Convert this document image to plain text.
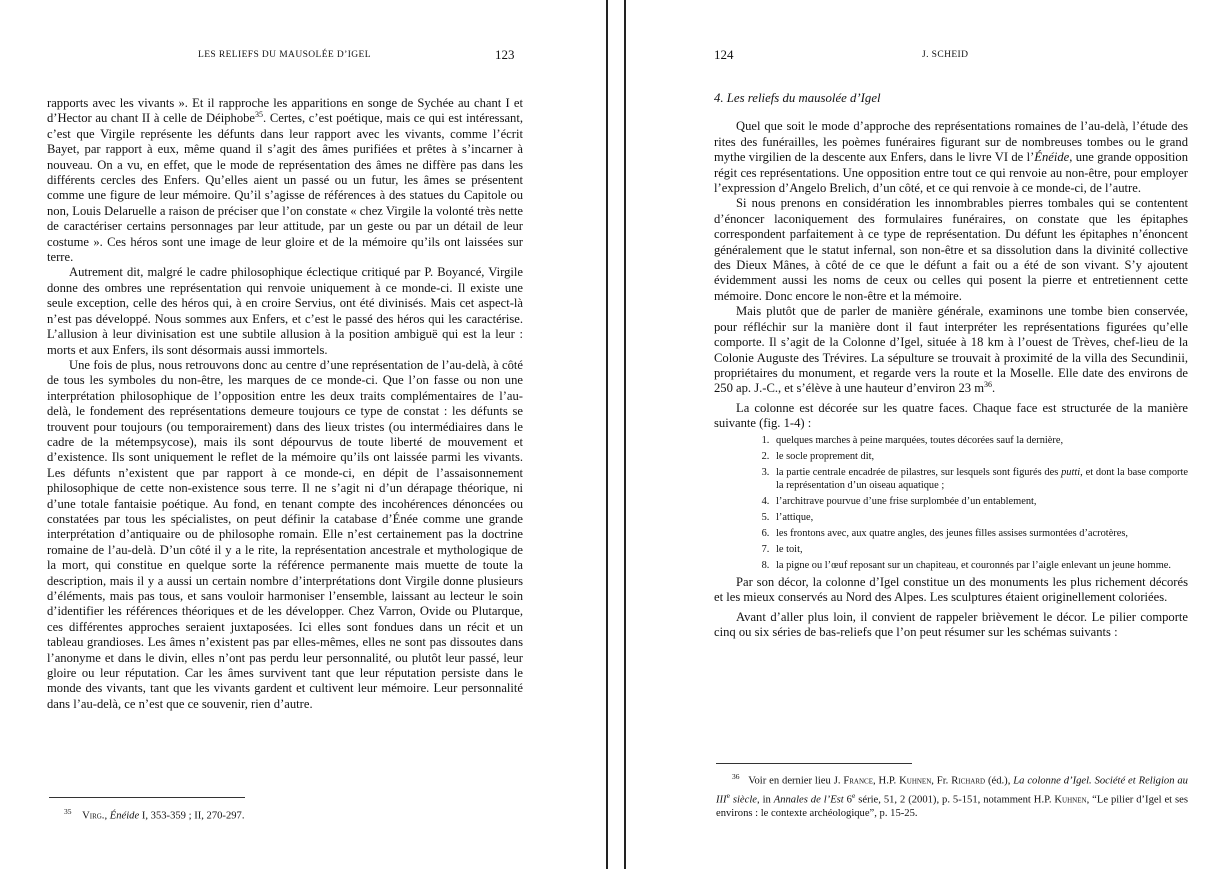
LES RELIEFS DU MAUSOLÉE D’IGEL	123

rapports avec les vivants ». Et il rapproche les apparitions en songe de Sychée au chant I et d’Hector au chant II à celle de Déiphobe$^{35}$. Certes, c’est poétique, mais ce qui est intéressant, c’est que Virgile représente les défunts dans leur rapport avec les vivants, comme l’écrit Bayet, par rapport à eux, même quand il s’agit des âmes purifiées et prêtes à s’incarner à nouveau. On a vu, en effet, que le mode de représentation des âmes ne diffère pas dans les différents cercles des Enfers. Qu’elles aient un passé ou un futur, les âmes se présentent comme une figure de leur mémoire. Qu’il s’agisse de références à des statues du Capitole ou non, Louis Delaruelle a raison de préciser que l’on constate « chez Virgile la volonté très nette de caractériser certains personnages par leur attitude, par un geste ou par un détail de leur costume ». Ces héros sont une image de leur gloire et de la mémoire qu’ils ont laissées sur terre.

Autrement dit, malgré le cadre philosophique éclectique critiqué par P. Boyancé, Virgile donne des ombres une représentation qui renvoie uniquement à ce monde-ci. Il existe une seule exception, celle des héros qui, à en croire Servius, ont été divinisés. Mais cet aspect-là n’est pas développé. Nous sommes aux Enfers, et c’est le passé des héros qui les caractérise. L’allusion à leur divinisation est une subtile allusion à la position ambiguë qui est la leur : morts et aux Enfers, ils sont désormais aussi immortels.

Une fois de plus, nous retrouvons donc au centre d’une représentation de l’au-delà, à côté de tous les symboles du non-être, les marques de ce monde-ci. Que l’on fasse ou non une interprétation philosophique de l’opposition entre les deux traits complémentaires de l’au-delà, le fondement des représentations demeure toujours ce type de constat : les défunts se trouvent pour toujours (ou temporairement) dans des lieux tristes (ou intermédiaires dans le cadre de la métempsycose), mais ils sont dépourvus de toute liberté de mouvement et d’existence. Ils sont uniquement le reflet de la mémoire qu’ils ont laissée parmi les vivants. Les défunts n’existent que par rapport à ce monde-ci, en dépit de l’assaisonnement philosophique de cette non-existence sous terre. Il ne s’agit ni d’un dérapage théorique, ni d’une totale fantaisie poétique. Au fond, en tenant compte des incohérences dénoncées ou constatées par tous les spécialistes, on peut définir la catabase d’Énée comme une grande interprétation d’antiquaire ou de philosophe romain. Elle n’est certainement pas la doctrine romaine de l’au-delà. D’un côté il y a le rite, la représentation ancestrale et mythologique de la mort, qui constitue en quelque sorte la référence permanente mais muette de toute la description, mais il y a aussi un certain nombre d’interprétations dont Virgile donne plusieurs d’éléments, mais pas tous, et sans vouloir harmoniser l’ensemble, laissant au lecteur le soin d’identifier les références théoriques et de les développer. Chez Varron, Ovide ou Plutarque, ces différentes approches seraient juxtaposées. Ici elles sont fondues dans un récit et un tableau grandioses. Les âmes n’existent pas par elles-mêmes, elles ne sont pas dissoutes dans l’anonyme et dans le divin, elles n’ont pas perdu leur personnalité, ou plutôt leur passé, leur gloire ou leur réputation. Car les âmes survivent tant que leur réputation persiste dans le monde des vivants, tant que les vivants gardent et cultivent leur mémoire. Leur personnalité dans l’au-delà, ce n’est que ce souvenir, rien d’autre.

$^{35}$ Virg., Énéide I, 353-359 ; II, 270-297.
124	J. SCHEID

4. Les reliefs du mausolée d’Igel

Quel que soit le mode d’approche des représentations romaines de l’au-delà, l’étude des rites des funérailles, les poèmes funéraires figurant sur de nombreuses tombes ou le grand mythe virgilien de la descente aux Enfers, dans le livre VI de l’Énéide, une grande opposition régit ces représentations. Une opposition entre tout ce qui renvoie au non-être, pour employer l’expression d’Angelo Brelich, d’un côté, et ce qui renvoie à ce monde-ci, de l’autre.

Si nous prenons en considération les innombrables pierres tombales qui se contentent d’énoncer laconiquement des formulaires funéraires, on constate que les épitaphes correspondent parfaitement à ce type de représentation. Du défunt les épitaphes n’énoncent généralement que le statut infernal, son non-être et sa dissolution dans la divinité collective des Dieux Mânes, à côté de ce que le défunt a fait ou a été de son vivant. S’y ajoutent évidemment aussi les noms de ceux ou celles qui posent la pierre et entretiennent cette mémoire. Donc encore le non-être et la mémoire.

Mais plutôt que de parler de manière générale, examinons une tombe bien conservée, pour réfléchir sur la manière dont il faut interpréter les représentations figurées qu’elle comporte. Il s’agit de la Colonne d’Igel, située à 18 km à l’ouest de Trèves, chef-lieu de la Colonie Auguste des Trévires. La sépulture se trouvait à proximité de la villa des Secundinii, propriétaires du monument, et regarde vers la route et la Moselle. Elle date des environs de 250 ap. J.-C., et s’élève à une hauteur d’environ 23 $m^{36}$.

La colonne est décorée sur les quatre faces. Chaque face est structurée de la manière suivante (fig. 1-4) :

1. quelques marches à peine marquées, toutes décorées sauf la dernière,
2. le socle proprement dit,
3. la partie centrale encadrée de pilastres, sur lesquels sont figurés des putti, et dont la base comporte la représentation d’un oiseau aquatique ;
4. l’architrave pourvue d’une frise surplombée d’un entablement,
5. l’attique,
6. les frontons avec, aux quatre angles, des jeunes filles assises surmontées d’acrotères,
7. le toit,
8. la pigne ou l’œuf reposant sur un chapiteau, et couronnés par l’aigle enlevant un jeune homme.

Par son décor, la colonne d’Igel constitue un des monuments les plus richement décorés et les mieux conservés au Nord des Alpes. Les sculptures étaient originellement coloriées.

Avant d’aller plus loin, il convient de rappeler brièvement le décor. Le pilier comporte cinq ou six séries de bas-reliefs que l’on peut résumer sur les schémas suivants :

$^{36}$ Voir en dernier lieu J. France, H.P. Kuhnen, Fr. Richard (éd.), La colonne d’Igel. Société et Religion au IIIe siècle, in Annales de l’Est 6e série, 51, 2 (2001), p. 5-151, notamment H.P. Kuhnen, “Le pilier d’Igel et ses environs : le contexte archéologique”, p. 15-25.
